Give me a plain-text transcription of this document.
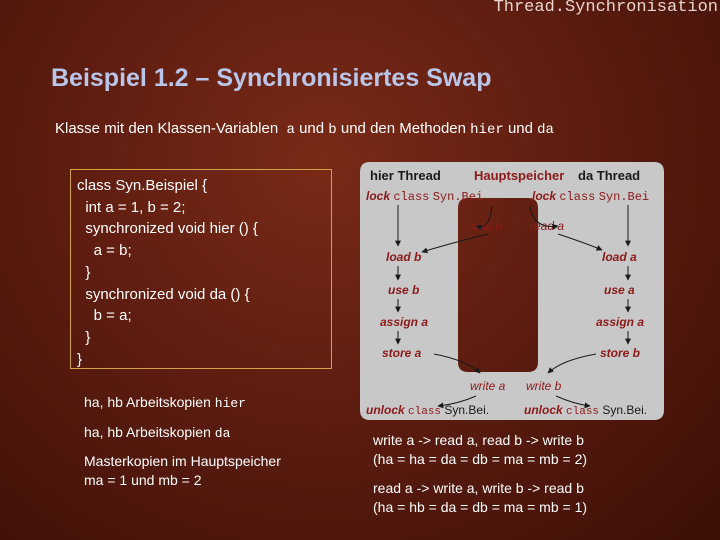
Thread.Synchronisation
Beispiel 1.2 – Synchronisiertes Swap
Klasse mit den Klassen-Variablen a und b und den Methoden hier und da
class Syn.Beispiel {
int a = 1, b = 2;
synchronized void hier () {
a = b;
}
synchronized void da () {
b = a;
}
}
ha, hb Arbeitskopien hier
ha, hb Arbeitskopien da
Masterkopien im Hauptspeicher
ma = 1 und mb = 2
hier Thread	Hauptspeicher da Thread
lock class Syn.Bei	lock class Syn.Bei
read b read a
load b
use b
assign a
store a
load a
use a
assign a
store b
write a write b
unlock class Syn.Bei.	unlock class Syn.Bei.
write a -> read a, read b -> write b
(ha = ha = da = db = ma = mb = 2)
read a -> write a, write b -> read b
(ha = hb = da = db = ma = mb = 1)
